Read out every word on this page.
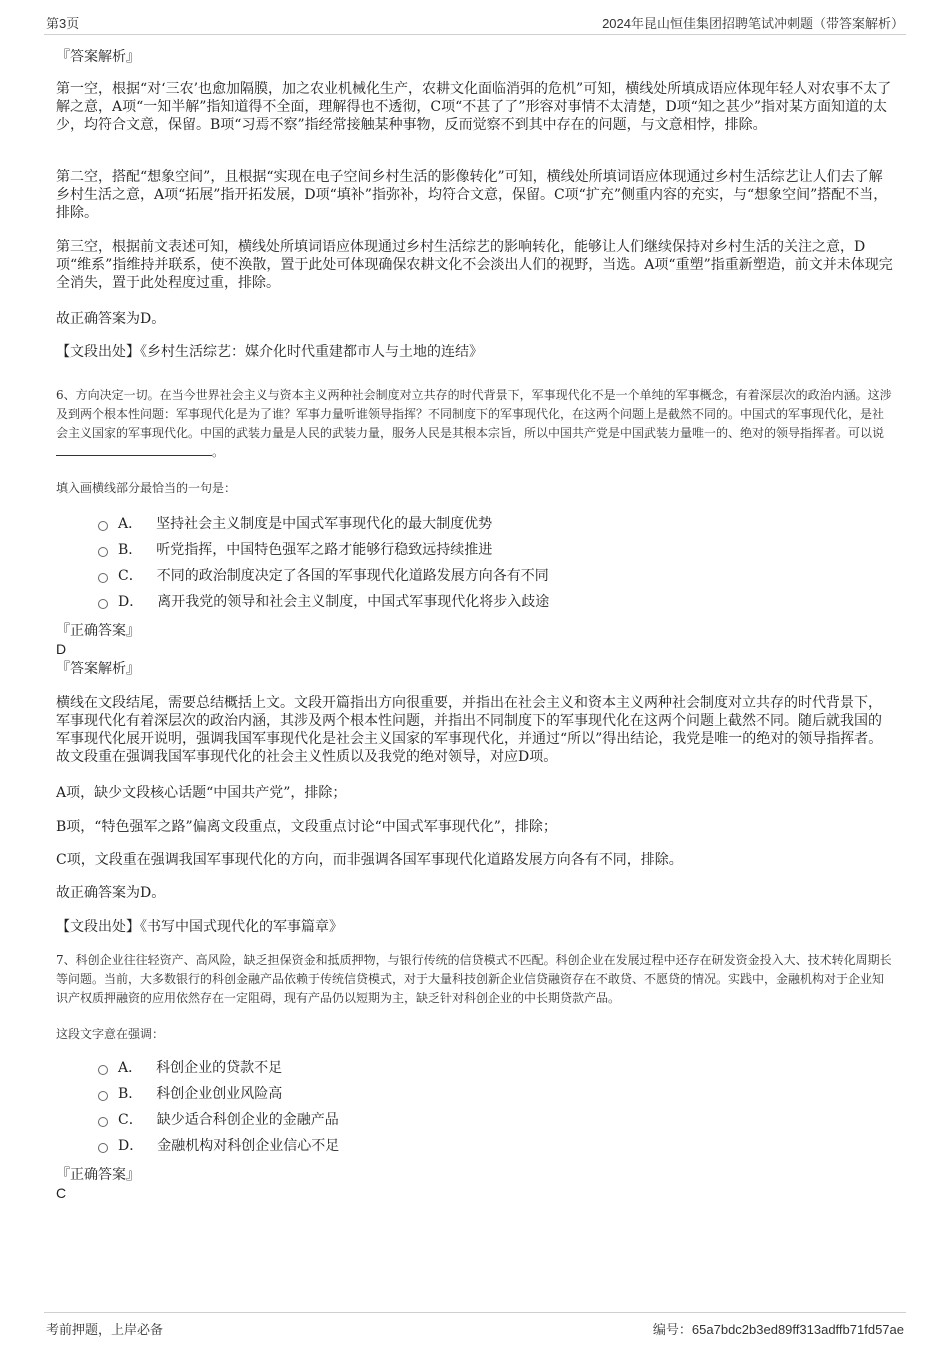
第3页	2024年昆山恒佳集团招聘笔试冲刺题（带答案解析）

『答案解析』

第一空，根据“对‘三农’也愈加隔膜，加之农业机械化生产，农耕文化面临消弭的危机”可知，横线处所填成语应体现年轻人对农事不太了解之意，A项“一知半解”指知道得不全面，理解得也不透彻，C项“不甚了了”形容对事情不太清楚，D项“知之甚少”指对某方面知道的太少，均符合文意，保留。B项“习焉不察”指经常接触某种事物，反而觉察不到其中存在的问题，与文意相悖，排除。

第二空，搭配“想象空间”，且根据“实现在电子空间乡村生活的影像转化”可知，横线处所填词语应体现通过乡村生活综艺让人们去了解乡村生活之意，A项“拓展”指开拓发展，D项“填补”指弥补，均符合文意，保留。C项“扩充”侧重内容的充实，与“想象空间”搭配不当，排除。

第三空，根据前文表述可知，横线处所填词语应体现通过乡村生活综艺的影响转化，能够让人们继续保持对乡村生活的关注之意，D项“维系”指维持并联系，使不涣散，置于此处可体现确保农耕文化不会淡出人们的视野，当选。A项“重塑”指重新塑造，前文并未体现完全消失，置于此处程度过重，排除。

故正确答案为D。

【文段出处】《乡村生活综艺：媒介化时代重建都市人与土地的连结》

6、方向决定一切。在当今世界社会主义与资本主义两种社会制度对立共存的时代背景下，军事现代化不是一个单纯的军事概念，有着深层次的政治内涵。这涉及到两个根本性问题：军事现代化是为了谁？军事力量听谁领导指挥？不同制度下的军事现代化，在这两个问题上是截然不同的。中国式的军事现代化，是社会主义国家的军事现代化。中国的武装力量是人民的武装力量，服务人民是其根本宗旨，所以中国共产党是中国武装力量唯一的、绝对的领导指挥者。可以说 。

填入画横线部分最恰当的一句是：

A． 坚持社会主义制度是中国式军事现代化的最大制度优势
B． 听党指挥，中国特色强军之路才能够行稳致远持续推进
C． 不同的政治制度决定了各国的军事现代化道路发展方向各有不同
D． 离开我党的领导和社会主义制度，中国式军事现代化将步入歧途

『正确答案』

D

『答案解析』

横线在文段结尾，需要总结概括上文。文段开篇指出方向很重要，并指出在社会主义和资本主义两种社会制度对立共存的时代背景下，军事现代化有着深层次的政治内涵，其涉及两个根本性问题，并指出不同制度下的军事现代化在这两个问题上截然不同。随后就我国的军事现代化展开说明，强调我国军事现代化是社会主义国家的军事现代化，并通过“所以”得出结论，我党是唯一的绝对的领导指挥者。故文段重在强调我国军事现代化的社会主义性质以及我党的绝对领导，对应D项。

A项，缺少文段核心话题“中国共产党”，排除；

B项，“特色强军之路”偏离文段重点，文段重点讨论“中国式军事现代化”，排除；

C项，文段重在强调我国军事现代化的方向，而非强调各国军事现代化道路发展方向各有不同，排除。

故正确答案为D。

【文段出处】《书写中国式现代化的军事篇章》

7、科创企业往往轻资产、高风险，缺乏担保资金和抵质押物，与银行传统的信贷模式不匹配。科创企业在发展过程中还存在研发资金投入大、技术转化周期长等问题。当前，大多数银行的科创金融产品依赖于传统信贷模式，对于大量科技创新企业信贷融资存在不敢贷、不愿贷的情况。实践中，金融机构对于企业知识产权质押融资的应用依然存在一定阻碍，现有产品仍以短期为主，缺乏针对科创企业的中长期贷款产品。

这段文字意在强调：

A． 科创企业的贷款不足
B． 科创企业创业风险高
C． 缺少适合科创企业的金融产品
D． 金融机构对科创企业信心不足

『正确答案』

C

考前押题，上岸必备	编号：65a7bdc2b3ed89ff313adffb71fd57ae
